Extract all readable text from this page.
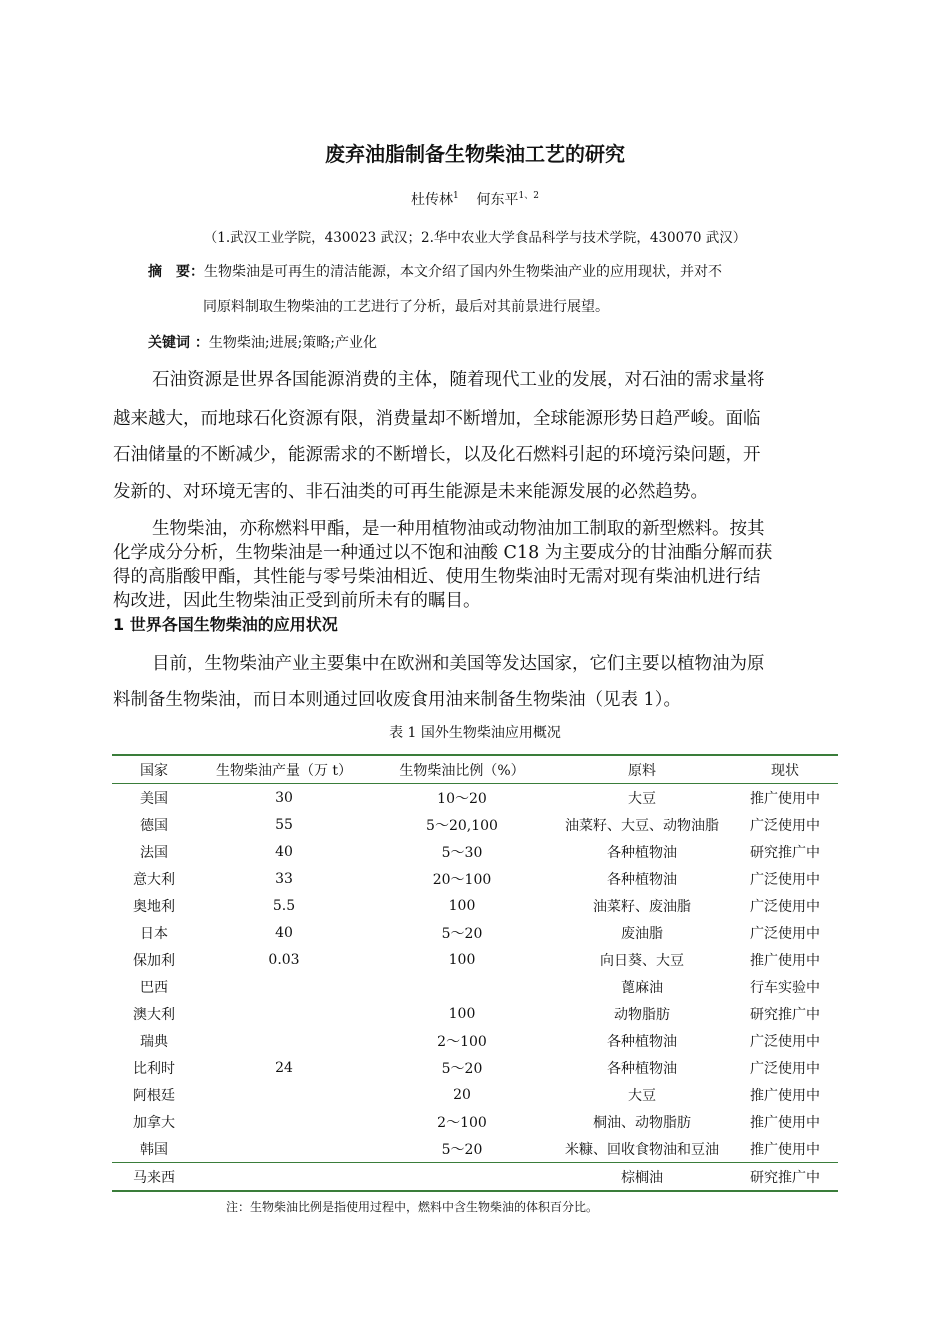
废弃油脂制备生物柴油工艺的研究
杜传林$^1$ 何东平$^{1、2}$
（1.武汉工业学院，430023 武汉；2.华中农业大学食品科学与技术学院，430070 武汉）
摘　要：生物柴油是可再生的清洁能源，本文介绍了国内外生物柴油产业的应用现状，并对不
同原料制取生物柴油的工艺进行了分析，最后对其前景进行展望。
关键词 ：生物柴油;进展;策略;产业化
石油资源是世界各国能源消费的主体，随着现代工业的发展，对石油的需求量将
越来越大，而地球石化资源有限，消费量却不断增加，全球能源形势日趋严峻。面临
石油储量的不断减少，能源需求的不断增长，以及化石燃料引起的环境污染问题，开
发新的、对环境无害的、非石油类的可再生能源是未来能源发展的必然趋势。
生物柴油，亦称燃料甲酯，是一种用植物油或动物油加工制取的新型燃料。按其
化学成分分析，生物柴油是一种通过以不饱和油酸 C18 为主要成分的甘油酯分解而获
得的高脂酸甲酯，其性能与零号柴油相近、使用生物柴油时无需对现有柴油机进行结
构改进，因此生物柴油正受到前所未有的瞩目。
1 世界各国生物柴油的应用状况
目前，生物柴油产业主要集中在欧洲和美国等发达国家，它们主要以植物油为原
料制备生物柴油，而日本则通过回收废食用油来制备生物柴油（见表 1）。
表 1 国外生物柴油应用概况
国家	生物柴油产量（万 t）	生物柴油比例（%）	原料	现状
美国	30	10～20	大豆	推广使用中
德国	55	5～20,100	油菜籽、大豆、动物油脂	广泛使用中
法国	40	5～30	各种植物油	研究推广中
意大利	33	20～100	各种植物油	广泛使用中
奥地利	5.5	100	油菜籽、废油脂	广泛使用中
日本	40	5～20	废油脂	广泛使用中
保加利	0.03	100	向日葵、大豆	推广使用中
巴西			蓖麻油	行车实验中
澳大利		100	动物脂肪	研究推广中
瑞典		2～100	各种植物油	广泛使用中
比利时	24	5～20	各种植物油	广泛使用中
阿根廷		20	大豆	推广使用中
加拿大		2～100	桐油、动物脂肪	推广使用中
韩国		5～20	米糠、回收食物油和豆油	推广使用中
马来西			棕榈油	研究推广中
注：生物柴油比例是指使用过程中，燃料中含生物柴油的体积百分比。
